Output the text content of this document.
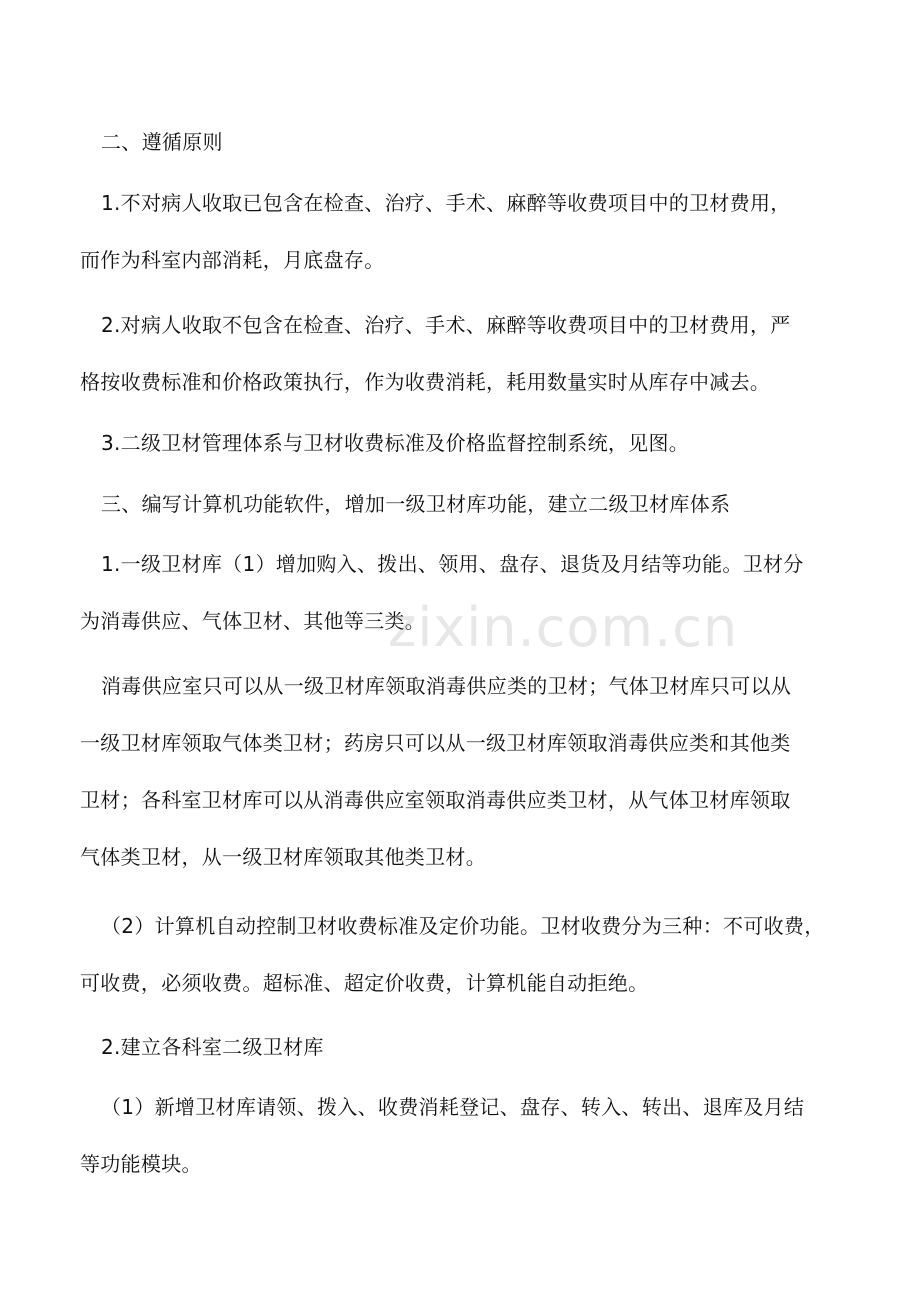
二、遵循原则
1.不对病人收取已包含在检查、治疗、手术、麻醉等收费项目中的卫材费用，
而作为科室内部消耗，月底盘存。
2.对病人收取不包含在检查、治疗、手术、麻醉等收费项目中的卫材费用，严
格按收费标准和价格政策执行，作为收费消耗，耗用数量实时从库存中减去。
3.二级卫材管理体系与卫材收费标准及价格监督控制系统，见图。
三、编写计算机功能软件，增加一级卫材库功能，建立二级卫材库体系
1.一级卫材库（1）增加购入、拨出、领用、盘存、退货及月结等功能。卫材分
为消毒供应、气体卫材、其他等三类。
消毒供应室只可以从一级卫材库领取消毒供应类的卫材；气体卫材库只可以从
一级卫材库领取气体类卫材；药房只可以从一级卫材库领取消毒供应类和其他类
卫材；各科室卫材库可以从消毒供应室领取消毒供应类卫材，从气体卫材库领取
气体类卫材，从一级卫材库领取其他类卫材。
（2）计算机自动控制卫材收费标准及定价功能。卫材收费分为三种：不可收费，
可收费，必须收费。超标准、超定价收费，计算机能自动拒绝。
2.建立各科室二级卫材库
（1）新增卫材库请领、拨入、收费消耗登记、盘存、转入、转出、退库及月结
等功能模块。
zixin.com.cn
